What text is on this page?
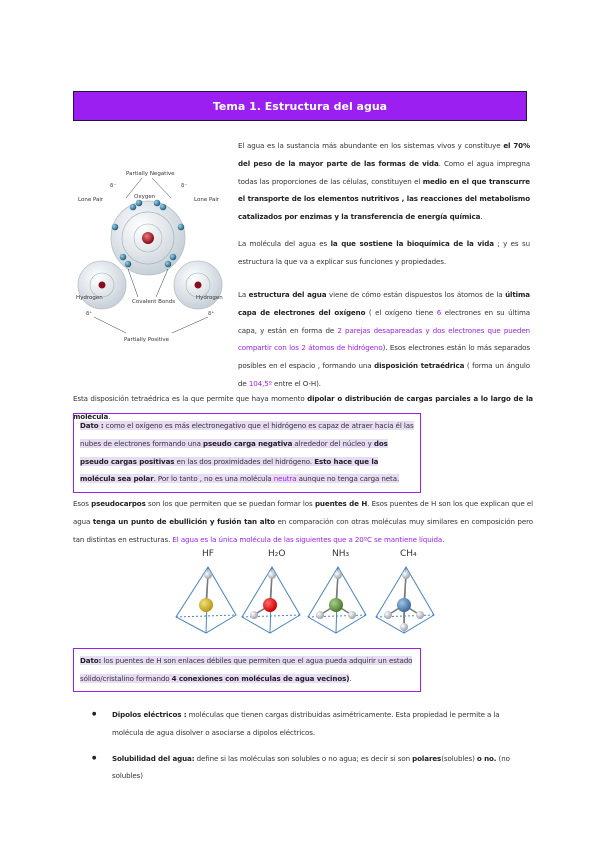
Tema 1. Estructura del agua
Partially Negative
δ⁻	δ⁻
Lone Pair	Lone Pair
Oxygen
Hydrogen	Hydrogen
Covalent Bonds
δ⁺	δ⁺
Partially Positive
El agua es la sustancia más abundante en los sistemas vivos y constituye el 70% del peso de la mayor parte de las formas de vida. Como el agua impregna todas las proporciones de las células, constituyen el medio en el que transcurre el transporte de los elementos nutritivos , las reacciones del metabolismo catalizados por enzimas y la transferencia de energía química.
La molécula del agua es la que sostiene la bioquímica de la vida ; y es su estructura la que va a explicar sus funciones y propiedades.
La estructura del agua viene de cómo están dispuestos los átomos de la última capa de electrones del oxígeno ( el oxígeno tiene 6 electrones en su última capa, y están en forma de 2 parejas desapareadas y dos electrones que pueden compartir con los 2 átomos de hidrógeno). Esos electrones están lo más separados posibles en el espacio , formando una disposición tetraédrica ( forma un ángulo de 104,5º entre el O-H).
Esta disposición tetraédrica es la que permite que haya momento dipolar o distribución de cargas parciales a lo largo de la molécula.
Dato : como el oxígeno es más electronegativo que el hidrógeno es capaz de atraer hacia él las nubes de electrones formando una pseudo carga negativa alrededor del núcleo y dos pseudo cargas positivas en las dos proximidades del hidrógeno. Esto hace que la molécula sea polar. Por lo tanto , no es una molécula neutra aunque no tenga carga neta.
Esos pseudocarpos son los que permiten que se puedan formar los puentes de H. Esos puentes de H son los que explican que el agua tenga un punto de ebullición y fusión tan alto en comparación con otras moléculas muy similares en composición pero tan distintas en estructuras. El agua es la única molécula de las siguientes que a 20ºC se mantiene líquida.
HF	H₂O	NH₃	CH₄
Dato: los puentes de H son enlaces débiles que permiten que el agua pueda adquirir un estado sólido/cristalino formando 4 conexiones con moléculas de agua vecinos).
● Dipolos eléctricos : moléculas que tienen cargas distribuidas asimétricamente. Esta propiedad le permite a la molécula de agua disolver o asociarse a dipolos eléctricos.
● Solubilidad del agua: define si las moléculas son solubles o no agua; es decir si son polares(solubles) o no. (no solubles)
